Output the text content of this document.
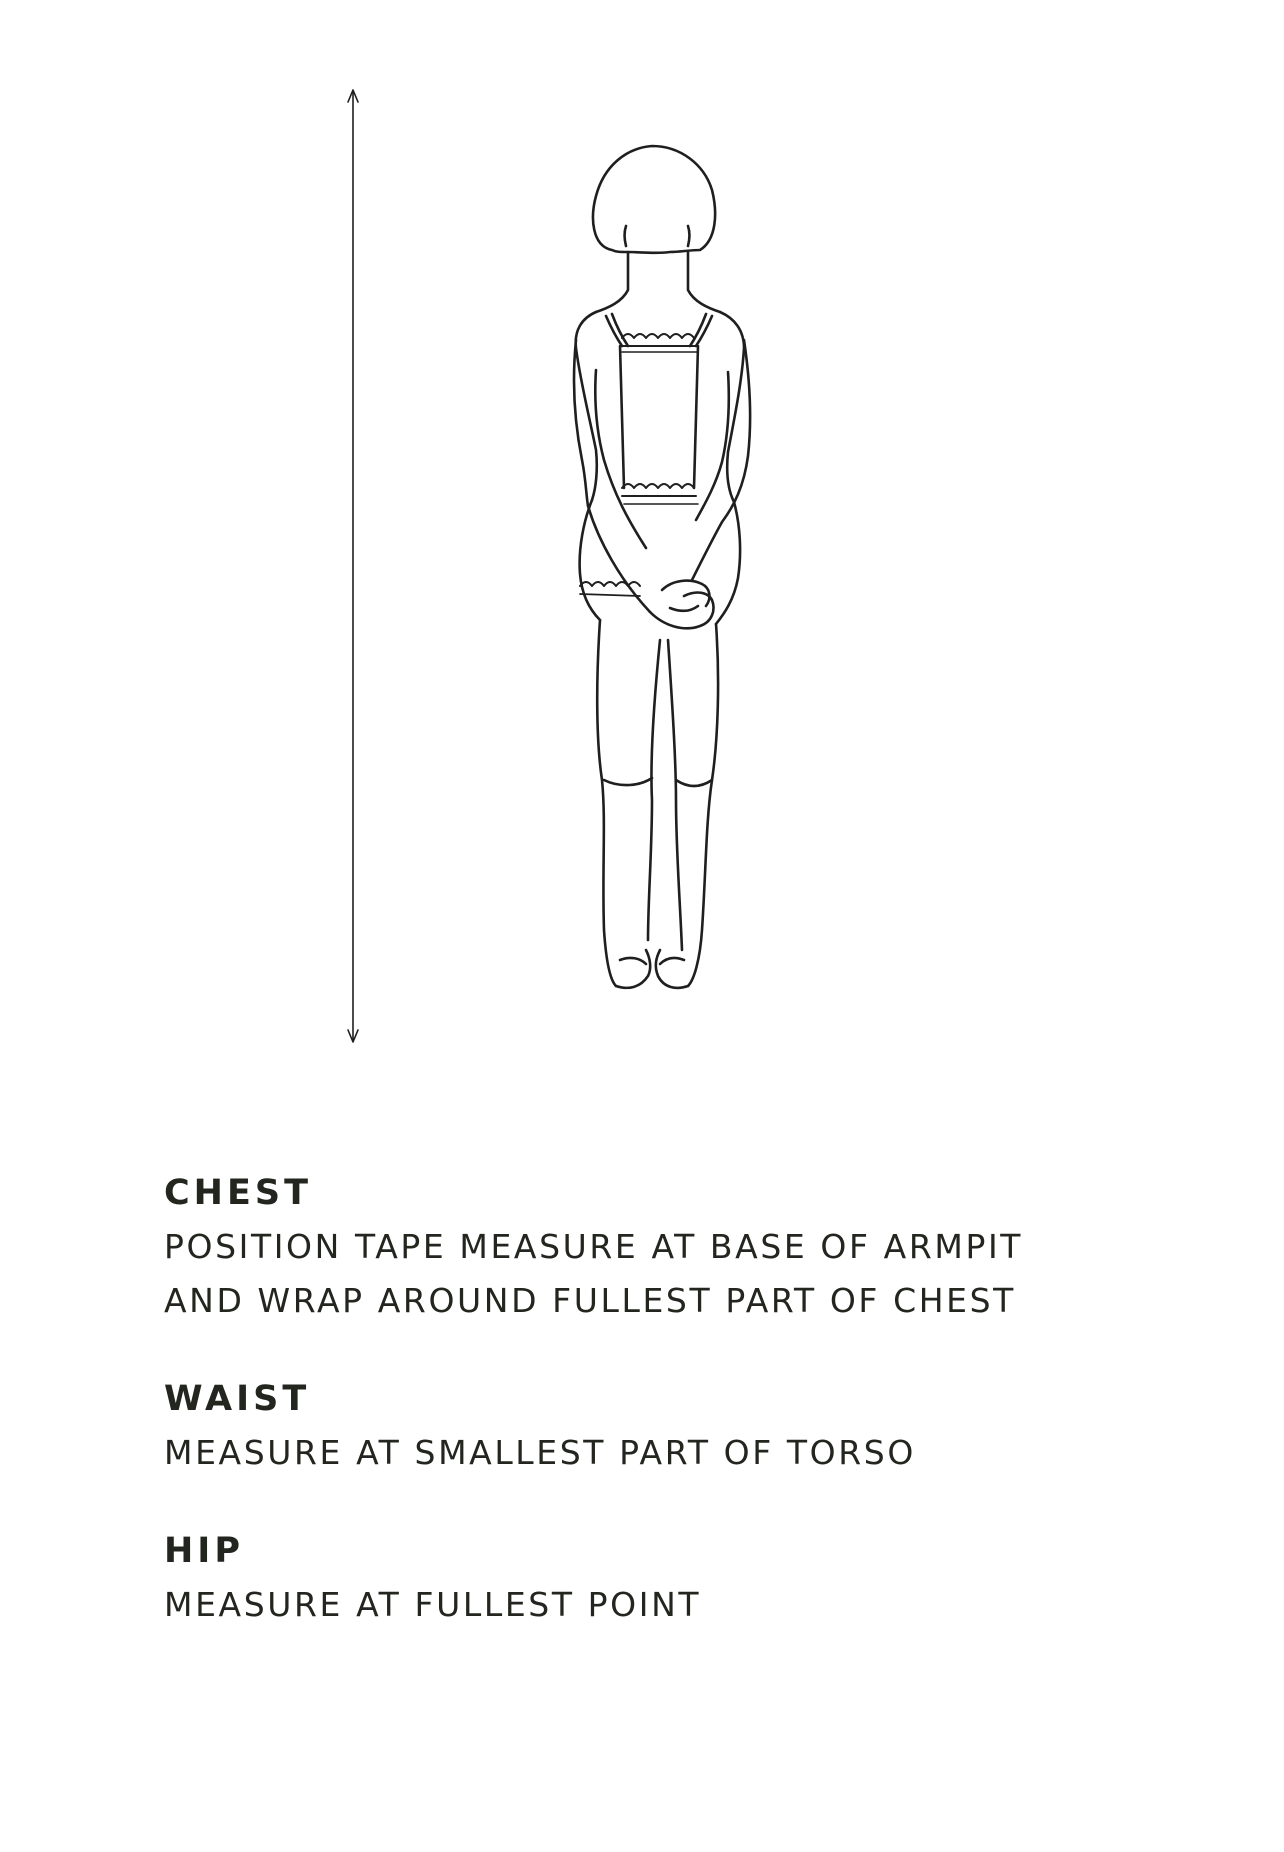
CHEST

POSITION TAPE MEASURE AT BASE OF ARMPIT
AND WRAP AROUND FULLEST PART OF CHEST

WAIST

MEASURE AT SMALLEST PART OF TORSO

HIP

MEASURE AT FULLEST POINT
